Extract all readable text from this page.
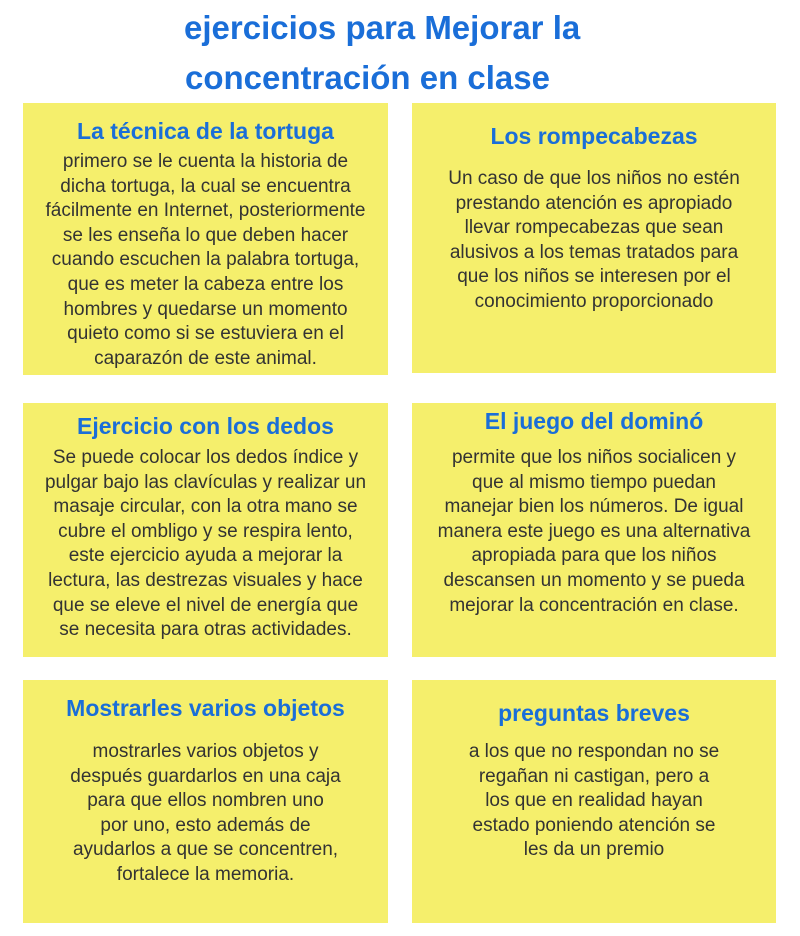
ejercicios para Mejorar la
concentración en clase
La técnica de la tortuga
primero se le cuenta la historia de
dicha tortuga, la cual se encuentra
fácilmente en Internet, posteriormente
se les enseña lo que deben hacer
cuando escuchen la palabra tortuga,
que es meter la cabeza entre los
hombres y quedarse un momento
quieto como si se estuviera en el
caparazón de este animal.
Los rompecabezas
Un caso de que los niños no estén
prestando atención es apropiado
llevar rompecabezas que sean
alusivos a los temas tratados para
que los niños se interesen por el
conocimiento proporcionado
Ejercicio con los dedos
Se puede colocar los dedos índice y
pulgar bajo las clavículas y realizar un
masaje circular, con la otra mano se
cubre el ombligo y se respira lento,
este ejercicio ayuda a mejorar la
lectura, las destrezas visuales y hace
que se eleve el nivel de energía que
se necesita para otras actividades.
El juego del dominó
permite que los niños socialicen y
que al mismo tiempo puedan
manejar bien los números. De igual
manera este juego es una alternativa
apropiada para que los niños
descansen un momento y se pueda
mejorar la concentración en clase.
Mostrarles varios objetos
mostrarles varios objetos y
después guardarlos en una caja
para que ellos nombren uno
por uno, esto además de
ayudarlos a que se concentren,
fortalece la memoria.
preguntas breves
a los que no respondan no se
regañan ni castigan, pero a
los que en realidad hayan
estado poniendo atención se
les da un premio
